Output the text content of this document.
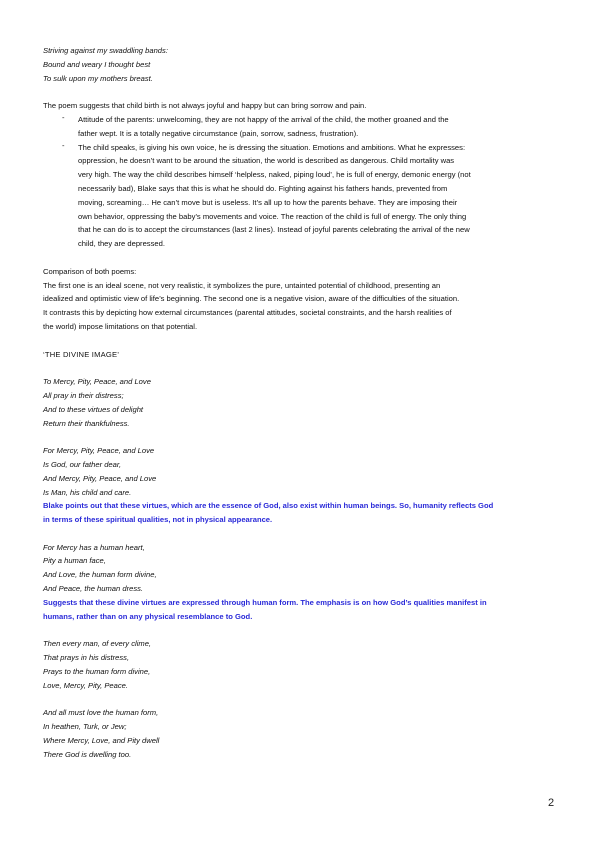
Striving against my swaddling bands:
Bound and weary I thought best
To sulk upon my mothers breast.
The poem suggests that child birth is not always joyful and happy but can bring sorrow and pain.
- Attitude of the parents: unwelcoming, they are not happy of the arrival of the child, the mother groaned and the
father wept. It is a totally negative circumstance (pain, sorrow, sadness, frustration).
- The child speaks, is giving his own voice, he is dressing the situation. Emotions and ambitions. What he expresses:
oppression, he doesn’t want to be around the situation, the world is described as dangerous. Child mortality was
very high. The way the child describes himself ‘helpless, naked, piping loud’, he is full of energy, demonic energy (not
necessarily bad), Blake says that this is what he should do. Fighting against his fathers hands, prevented from
moving, screaming… He can’t move but is useless. It’s all up to how the parents behave. They are imposing their
own behavior, oppressing the baby’s movements and voice. The reaction of the child is full of energy. The only thing
that he can do is to accept the circumstances (last 2 lines). Instead of joyful parents celebrating the arrival of the new
child, they are depressed.
Comparison of both poems:
The first one is an ideal scene, not very realistic, it symbolizes the pure, untainted potential of childhood, presenting an
idealized and optimistic view of life’s beginning. The second one is a negative vision, aware of the difficulties of the situation.
It contrasts this by depicting how external circumstances (parental attitudes, societal constraints, and the harsh realities of
the world) impose limitations on that potential.
‘THE DIVINE IMAGE’
To Mercy, Pity, Peace, and Love
All pray in their distress;
And to these virtues of delight
Return their thankfulness.
For Mercy, Pity, Peace, and Love
Is God, our father dear,
And Mercy, Pity, Peace, and Love
Is Man, his child and care.
Blake points out that these virtues, which are the essence of God, also exist within human beings. So, humanity reflects God
in terms of these spiritual qualities, not in physical appearance.
For Mercy has a human heart,
Pity a human face,
And Love, the human form divine,
And Peace, the human dress.
Suggests that these divine virtues are expressed through human form. The emphasis is on how God’s qualities manifest in
humans, rather than on any physical resemblance to God.
Then every man, of every clime,
That prays in his distress,
Prays to the human form divine,
Love, Mercy, Pity, Peace.
And all must love the human form,
In heathen, Turk, or Jew;
Where Mercy, Love, and Pity dwell
There God is dwelling too.
2
